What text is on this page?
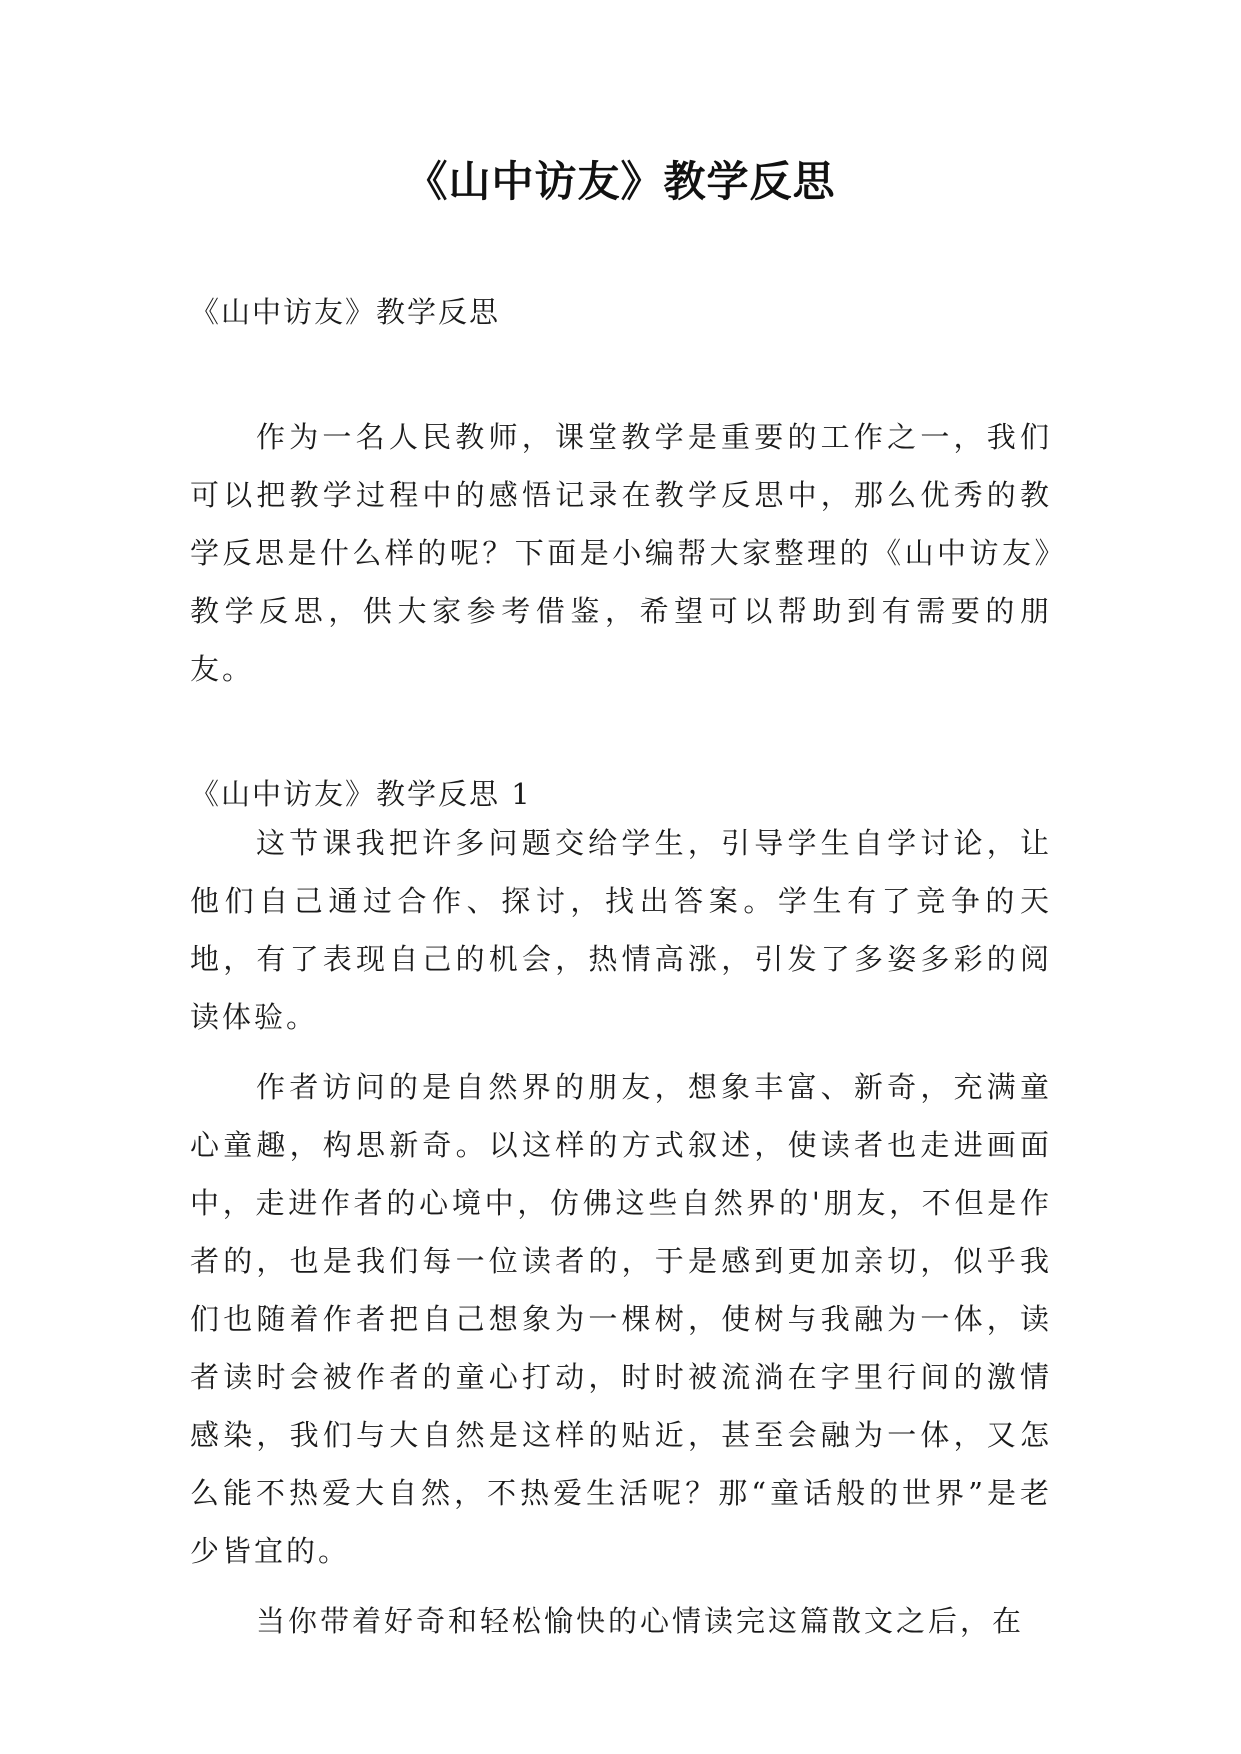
《山中访友》教学反思
《山中访友》教学反思

作为一名人民教师，课堂教学是重要的工作之一，我们可以把教学过程中的感悟记录在教学反思中，那么优秀的教学反思是什么样的呢？下面是小编帮大家整理的《山中访友》教学反思，供大家参考借鉴，希望可以帮助到有需要的朋友。

《山中访友》教学反思 1

这节课我把许多问题交给学生，引导学生自学讨论，让他们自己通过合作、探讨，找出答案。学生有了竞争的天地，有了表现自己的机会，热情高涨，引发了多姿多彩的阅读体验。

作者访问的是自然界的朋友，想象丰富、新奇，充满童心童趣，构思新奇。以这样的方式叙述，使读者也走进画面中，走进作者的心境中，仿佛这些自然界的'朋友，不但是作者的，也是我们每一位读者的，于是感到更加亲切，似乎我们也随着作者把自己想象为一棵树，使树与我融为一体，读者读时会被作者的童心打动，时时被流淌在字里行间的激情感染，我们与大自然是这样的贴近，甚至会融为一体，又怎么能不热爱大自然，不热爱生活呢？那“童话般的世界”是老少皆宜的。

当你带着好奇和轻松愉快的心情读完这篇散文之后，在
